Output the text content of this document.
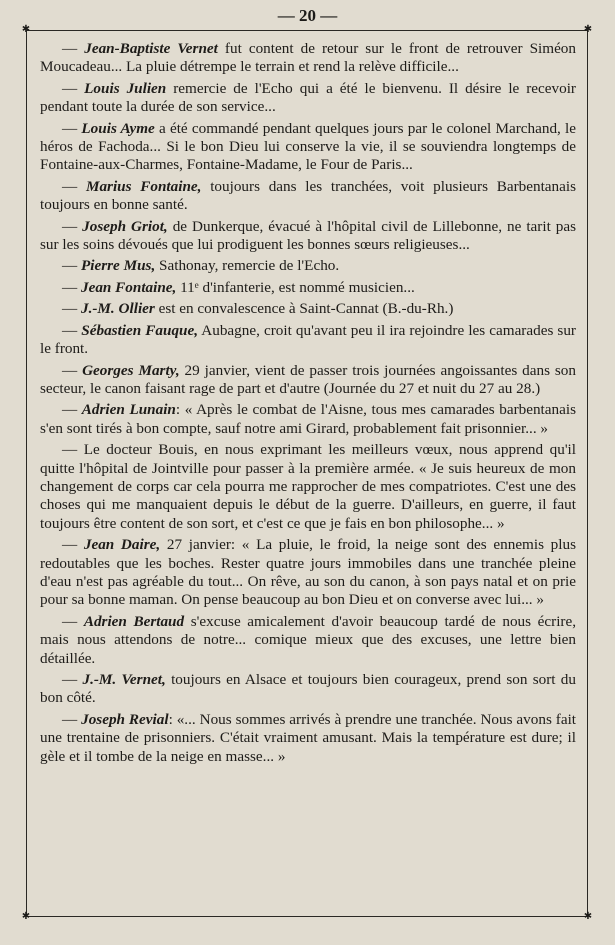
— 20 —
✱	✱
✱	✱

— Jean-Baptiste Vernet fut content de retour sur le front de retrouver Siméon Moucadeau... La pluie détrempe le terrain et rend la relève difficile...

— Louis Julien remercie de l'Echo qui a été le bienvenu. Il désire le recevoir pendant toute la durée de son service...

— Louis Ayme a été commandé pendant quelques jours par le colonel Marchand, le héros de Fachoda... Si le bon Dieu lui conserve la vie, il se souviendra longtemps de Fontaine-aux-Charmes, Fontaine-Madame, le Four de Paris...

— Marius Fontaine, toujours dans les tranchées, voit plusieurs Barbentanais toujours en bonne santé.

— Joseph Griot, de Dunkerque, évacué à l'hôpital civil de Lillebonne, ne tarit pas sur les soins dévoués que lui prodiguent les bonnes sœurs religieuses...

— Pierre Mus, Sathonay, remercie de l'Echo.

— Jean Fontaine, 11ᵉ d'infanterie, est nommé musicien...

— J.-M. Ollier est en convalescence à Saint-Cannat (B.-du-Rh.)

— Sébastien Fauque, Aubagne, croit qu'avant peu il ira rejoindre les camarades sur le front.

— Georges Marty, 29 janvier, vient de passer trois journées angoissantes dans son secteur, le canon faisant rage de part et d'autre (Journée du 27 et nuit du 27 au 28.)

— Adrien Lunain: « Après le combat de l'Aisne, tous mes camarades barbentanais s'en sont tirés à bon compte, sauf notre ami Girard, probablement fait prisonnier... »

— Le docteur Bouis, en nous exprimant les meilleurs vœux, nous apprend qu'il quitte l'hôpital de Jointville pour passer à la première armée. « Je suis heureux de mon changement de corps car cela pourra me rapprocher de mes compatriotes. C'est une des choses qui me manquaient depuis le début de la guerre. D'ailleurs, en guerre, il faut toujours être content de son sort, et c'est ce que je fais en bon philosophe... »

— Jean Daire, 27 janvier: « La pluie, le froid, la neige sont des ennemis plus redoutables que les boches. Rester quatre jours immobiles dans une tranchée pleine d'eau n'est pas agréable du tout... On rêve, au son du canon, à son pays natal et on prie pour sa bonne maman. On pense beaucoup au bon Dieu et on converse avec lui... »

— Adrien Bertaud s'excuse amicalement d'avoir beaucoup tardé de nous écrire, mais nous attendons de notre... comique mieux que des excuses, une lettre bien détaillée.

— J.-M. Vernet, toujours en Alsace et toujours bien courageux, prend son sort du bon côté.

— Joseph Revial: «... Nous sommes arrivés à prendre une tranchée. Nous avons fait une trentaine de prisonniers. C'était vraiment amusant. Mais la température est dure; il gèle et il tombe de la neige en masse... »
